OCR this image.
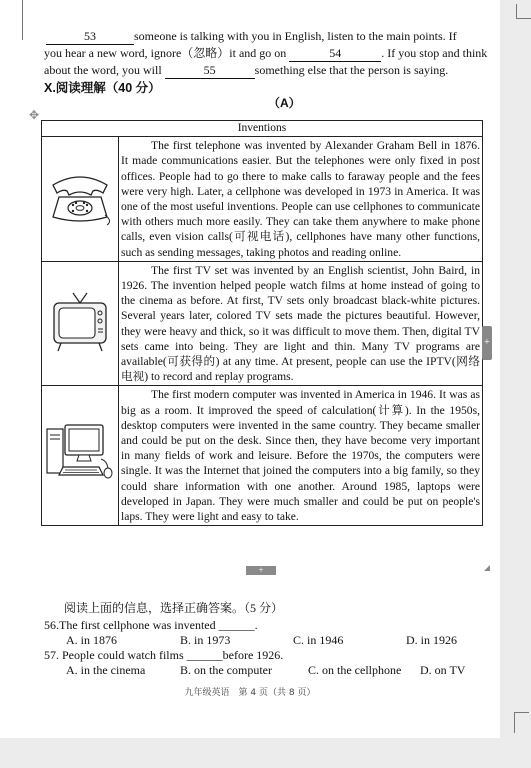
53	someone is talking with you in English, listen to the main points. If
you hear a new word, ignore（忽略）it and go on	54	. If you stop and think
about the word, you will	55	something else that the person is saying.
X.阅读理解（40 分）
（A）
✥
Inventions	

The first telephone was invented by Alexander Graham Bell in 1876. It made communications easier. But the telephones were only fixed in post offices. People had to go there to make calls to faraway people and the fees were very high. Later, a cellphone was developed in 1973 in America. It was one of the most useful inventions. People can use cellphones to communicate with others much more easily. They can take them anywhere to make phone calls, even vision calls(可视电话), cellphones have many other functions, such as sending messages, taking photos and reading online.

The first TV set was invented by an English scientist, John Baird, in 1926. The invention helped people watch films at home instead of going to the cinema as before. At first, TV sets only broadcast black-white pictures. Several years later, colored TV sets made the pictures beautiful. However, they were heavy and thick, so it was difficult to move them. Then, digital TV sets came into being. They are light and thin. Many TV programs are available(可获得的) at any time. At present, people can use the IPTV(网络电视) to record and replay programs.

The first modern computer was invented in America in 1946. It was as big as a room. It improved the speed of calculation(计算). In the 1950s, desktop computers were invented in the same country. They became smaller and could be put on the desk. Since then, they have become very important in many fields of work and leisure. Before the 1970s, the computers were single. It was the Internet that joined the computers into a big family, so they could share information with one another. Around 1985, laptops were developed in Japan. They were much smaller and could be put on people's laps. They were light and easy to take.

+
阅读上面的信息，选择正确答案。（5 分）
56.The first cellphone was invented ______.
A. in 1876	B. in 1973	C. in 1946	D. in 1926
57. People could watch films ______before 1926.
A. in the cinema	B. on the computer	C. on the cellphone D. on TV
九年级英语　第 4 页（共 8 页）
+
